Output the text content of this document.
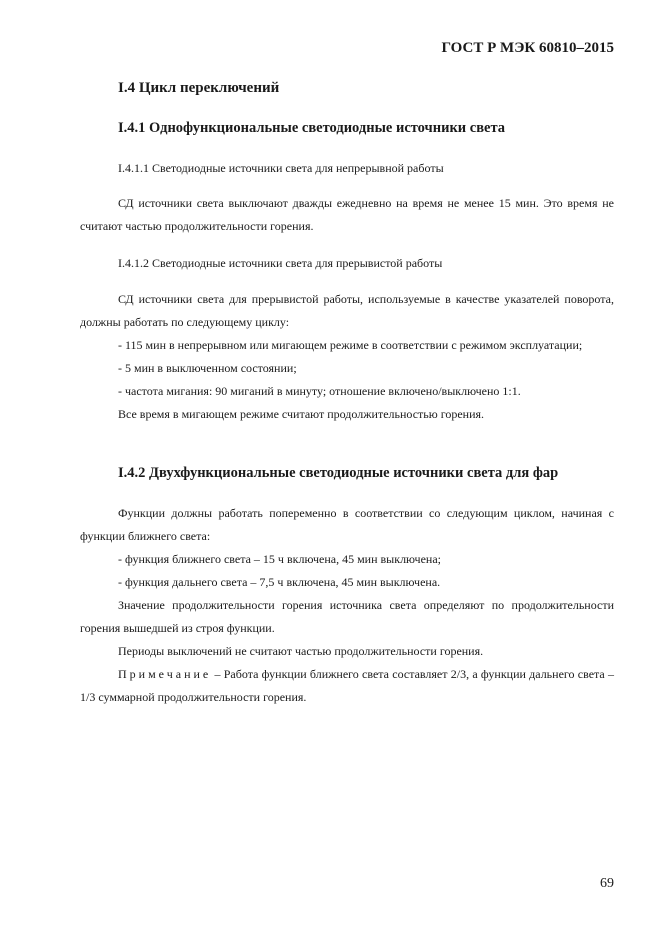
ГОСТ Р МЭК 60810–2015
I.4 Цикл переключений
I.4.1 Однофункциональные светодиодные источники света
I.4.1.1 Светодиодные источники света для непрерывной работы

СД источники света выключают дважды ежедневно на время не менее 15 мин. Это время не считают частью продолжительности горения.

I.4.1.2 Светодиодные источники света для прерывистой работы

СД источники света для прерывистой работы, используемые в качестве указателей поворота, должны работать по следующему циклу:

- 115 мин в непрерывном или мигающем режиме в соответствии с режимом эксплуатации;

- 5 мин в выключенном состоянии;

- частота мигания: 90 миганий в минуту; отношение включено/выключено 1:1.

Все время в мигающем режиме считают продолжительностью горения.

I.4.2 Двухфункциональные светодиодные источники света для фар

Функции должны работать попеременно в соответствии со следующим циклом, начиная с функции ближнего света:

- функция ближнего света – 15 ч включена, 45 мин выключена;

- функция дальнего света – 7,5 ч включена, 45 мин выключена.

Значение продолжительности горения источника света определяют по продолжительности горения вышедшей из строя функции.

Периоды выключений не считают частью продолжительности горения.

Примечание – Работа функции ближнего света составляет 2/3, а функции дальнего света – 1/3 суммарной продолжительности горения.

69
